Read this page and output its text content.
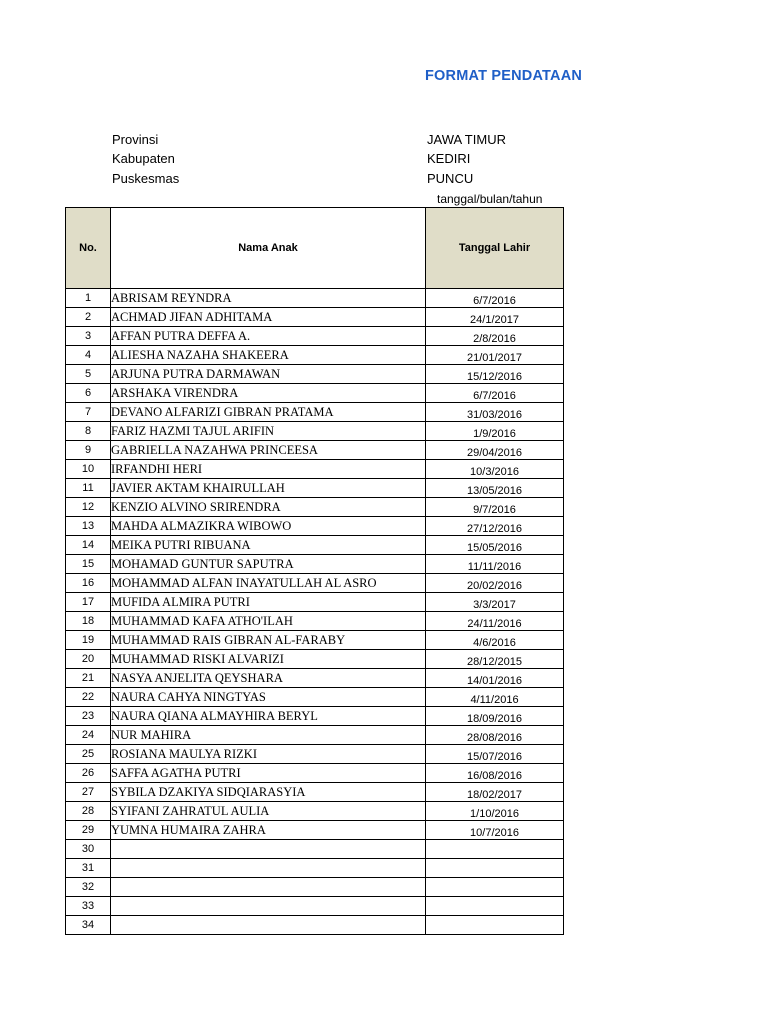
FORMAT PENDATAAN
Provinsi	JAWA TIMUR
Kabupaten	KEDIRI
Puskesmas	PUNCU
tanggal/bulan/tahun
No.	Nama Anak	Tanggal Lahir
1	ABRISAM REYNDRA	6/7/2016
2	ACHMAD JIFAN ADHITAMA	24/1/2017
3	AFFAN PUTRA DEFFA A.	2/8/2016
4	ALIESHA NAZAHA SHAKEERA	21/01/2017
5	ARJUNA PUTRA DARMAWAN	15/12/2016
6	ARSHAKA VIRENDRA	6/7/2016
7	DEVANO ALFARIZI GIBRAN PRATAMA	31/03/2016
8	FARIZ HAZMI TAJUL ARIFIN	1/9/2016
9	GABRIELLA NAZAHWA PRINCEESA	29/04/2016
10	IRFANDHI HERI	10/3/2016
11	JAVIER AKTAM KHAIRULLAH	13/05/2016
12	KENZIO ALVINO SRIRENDRA	9/7/2016
13	MAHDA ALMAZIKRA WIBOWO	27/12/2016
14	MEIKA PUTRI RIBUANA	15/05/2016
15	MOHAMAD GUNTUR SAPUTRA	11/11/2016
16	MOHAMMAD ALFAN INAYATULLAH AL ASRO	20/02/2016
17	MUFIDA ALMIRA PUTRI	3/3/2017
18	MUHAMMAD KAFA ATHO'ILAH	24/11/2016
19	MUHAMMAD RAIS GIBRAN AL-FARABY	4/6/2016
20	MUHAMMAD RISKI ALVARIZI	28/12/2015
21	NASYA ANJELITA QEYSHARA	14/01/2016
22	NAURA CAHYA NINGTYAS	4/11/2016
23	NAURA QIANA ALMAYHIRA BERYL	18/09/2016
24	NUR MAHIRA	28/08/2016
25	ROSIANA MAULYA RIZKI	15/07/2016
26	SAFFA AGATHA PUTRI	16/08/2016
27	SYBILA DZAKIYA SIDQIARASYIA	18/02/2017
28	SYIFANI ZAHRATUL AULIA	1/10/2016
29	YUMNA HUMAIRA ZAHRA	10/7/2016
30		
31		
32		
33		
34		
